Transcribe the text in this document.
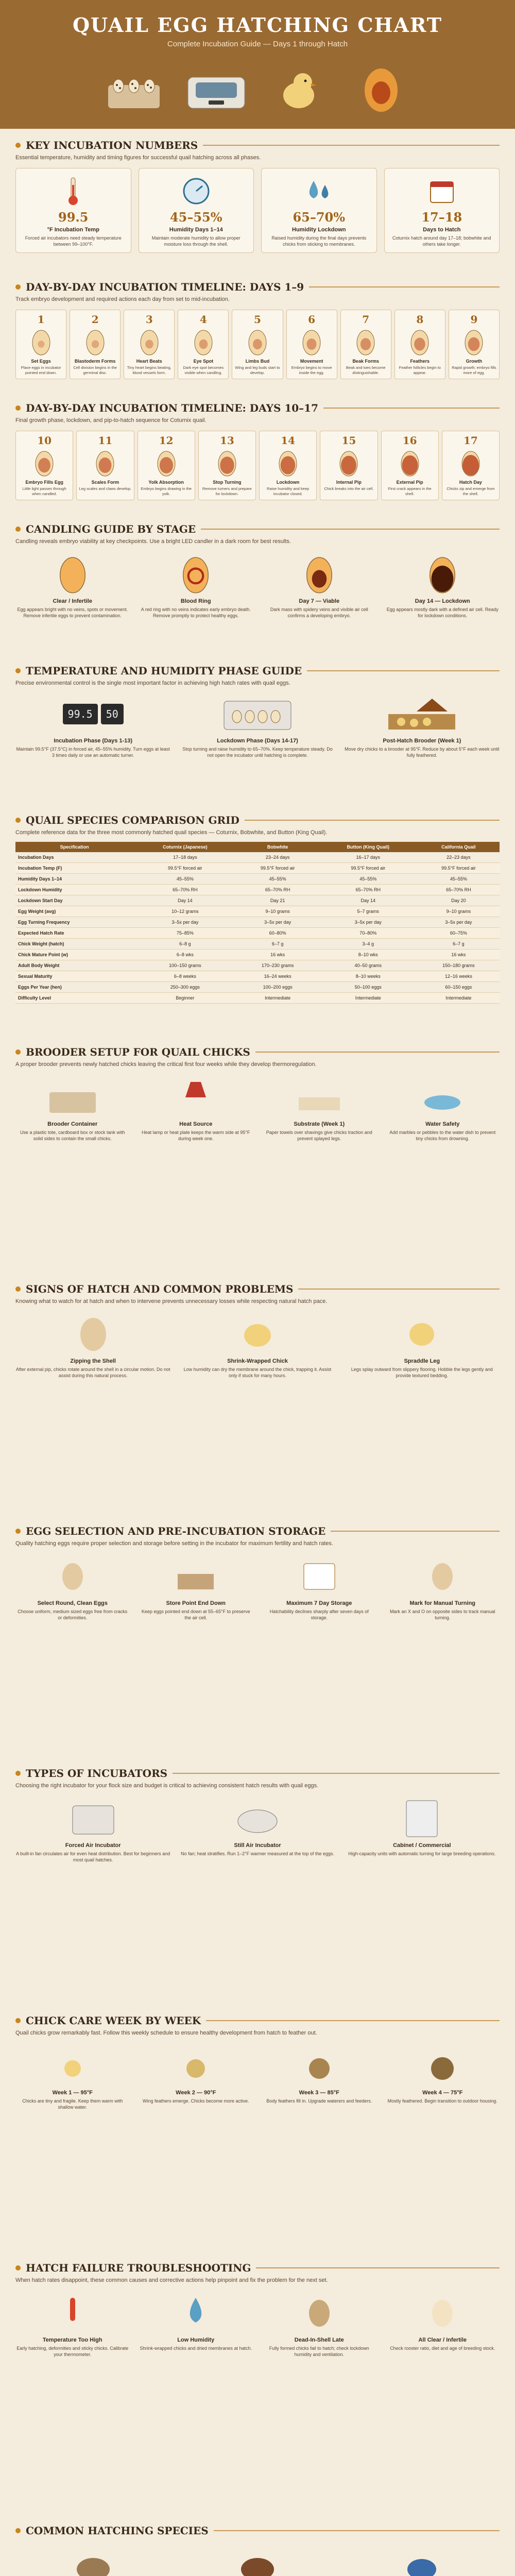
QUAIL EGG HATCHING CHART
Complete Incubation Guide — Days 1 through Hatch
KEY INCUBATION NUMBERS
Essential temperature, humidity and timing figures for successful quail hatching across all phases.
99.5
°F Incubation Temp
Forced air incubators need steady temperature between 99–100°F.
45–55%
Humidity Days 1–14
Maintain moderate humidity to allow proper moisture loss through the shell.
65–70%
Humidity Lockdown
Raised humidity during the final days prevents chicks from sticking to membranes.
17–18
Days to Hatch
Coturnix hatch around day 17–18; bobwhite and others take longer.
DAY-BY-DAY INCUBATION TIMELINE: DAYS 1–9
Track embryo development and required actions each day from set to mid-incubation.
1
Set Eggs
Place eggs in incubator pointed end down.
2
Blastoderm Forms
Cell division begins in the germinal disc.
3
Heart Beats
Tiny heart begins beating, blood vessels form.
4
Eye Spot
Dark eye spot becomes visible when candling.
5
Limbs Bud
Wing and leg buds start to develop.
6
Movement
Embryo begins to move inside the egg.
7
Beak Forms
Beak and toes become distinguishable.
8
Feathers
Feather follicles begin to appear.
9
Growth
Rapid growth; embryo fills more of egg.
DAY-BY-DAY INCUBATION TIMELINE: DAYS 10–17
Final growth phase, lockdown, and pip-to-hatch sequence for Coturnix quail.
10
Embryo Fills Egg
Little light passes through when candled.
11
Scales Form
Leg scales and claws develop.
12
Yolk Absorption
Embryo begins drawing in the yolk.
13
Stop Turning
Remove turners and prepare for lockdown.
14
Lockdown
Raise humidity and keep incubator closed.
15
Internal Pip
Chick breaks into the air cell.
16
External Pip
First crack appears in the shell.
17
Hatch Day
Chicks zip and emerge from the shell.
CANDLING GUIDE BY STAGE
Candling reveals embryo viability at key checkpoints. Use a bright LED candler in a dark room for best results.
Clear / Infertile
Egg appears bright with no veins, spots or movement. Remove infertile eggs to prevent contamination.
Blood Ring
A red ring with no veins indicates early embryo death. Remove promptly to protect healthy eggs.
Day 7 — Viable
Dark mass with spidery veins and visible air cell confirms a developing embryo.
Day 14 — Lockdown
Egg appears mostly dark with a defined air cell. Ready for lockdown conditions.
TEMPERATURE AND HUMIDITY PHASE GUIDE
Precise environmental control is the single most important factor in achieving high hatch rates with quail eggs.
99.5	50
Incubation Phase (Days 1-13)
Maintain 99.5°F (37.5°C) in forced air, 45–55% humidity. Turn eggs at least 3 times daily or use an automatic turner.
Lockdown Phase (Days 14-17)
Stop turning and raise humidity to 65–70%. Keep temperature steady. Do not open the incubator until hatching is complete.
Post-Hatch Brooder (Week 1)
Move dry chicks to a brooder at 95°F. Reduce by about 5°F each week until fully feathered.
QUAIL SPECIES COMPARISON GRID
Complete reference data for the three most commonly hatched quail species — Coturnix, Bobwhite, and Button (King Quail).
Specification	Coturnix (Japanese)	Bobwhite	Button (King Quail)	California Quail
Incubation Days	17–18 days	23–24 days	16–17 days	22–23 days
Incubation Temp (F)	99.5°F forced air	99.5°F forced air	99.5°F forced air	99.5°F forced air
Humidity Days 1–14	45–55%	45–55%	45–55%	45–55%
Lockdown Humidity	65–70% RH	65–70% RH	65–70% RH	65–70% RH
Lockdown Start Day	Day 14	Day 21	Day 14	Day 20
Egg Weight (avg)	10–12 grams	9–10 grams	5–7 grams	9–10 grams
Egg Turning Frequency	3–5x per day	3–5x per day	3–5x per day	3–5x per day
Expected Hatch Rate	75–85%	60–80%	70–80%	60–75%
Chick Weight (hatch)	6–8 g	6–7 g	3–4 g	6–7 g
Chick Mature Point (w)	6–8 wks	16 wks	8–10 wks	16 wks
Adult Body Weight	100–150 grams	170–230 grams	40–50 grams	150–180 grams
Sexual Maturity	6–8 weeks	16–24 weeks	8–10 weeks	12–16 weeks
Eggs Per Year (hen)	250–300 eggs	100–200 eggs	50–100 eggs	60–150 eggs
Difficulty Level	Beginner	Intermediate	Intermediate	Intermediate
BROODER SETUP FOR QUAIL CHICKS
A proper brooder prevents newly hatched chicks leaving the critical first four weeks while they develop thermoregulation.
Brooder Container
Use a plastic tote, cardboard box or stock tank with solid sides to contain the small chicks.
Heat Source
Heat lamp or heat plate keeps the warm side at 95°F during week one.
Substrate (Week 1)
Paper towels over shavings give chicks traction and prevent splayed legs.
Water Safety
Add marbles or pebbles to the water dish to prevent tiny chicks from drowning.
SIGNS OF HATCH AND COMMON PROBLEMS
Knowing what to watch for at hatch and when to intervene prevents unnecessary losses while respecting natural hatch pace.
Zipping the Shell
After external pip, chicks rotate around the shell in a circular motion. Do not assist during this natural process.
Shrink-Wrapped Chick
Low humidity can dry the membrane around the chick, trapping it. Assist only if stuck for many hours.
Spraddle Leg
Legs splay outward from slippery flooring. Hobble the legs gently and provide textured bedding.
EGG SELECTION AND PRE-INCUBATION STORAGE
Quality hatching eggs require proper selection and storage before setting in the incubator for maximum fertility and hatch rates.
Select Round, Clean Eggs
Choose uniform, medium sized eggs free from cracks or deformities.
Store Point End Down
Keep eggs pointed end down at 55–65°F to preserve the air cell.
Maximum 7 Day Storage
Hatchability declines sharply after seven days of storage.
Mark for Manual Turning
Mark an X and O on opposite sides to track manual turning.
TYPES OF INCUBATORS
Choosing the right incubator for your flock size and budget is critical to achieving consistent hatch results with quail eggs.
Forced Air Incubator
A built-in fan circulates air for even heat distribution. Best for beginners and most quail hatches.
Still Air Incubator
No fan; heat stratifies. Run 1–2°F warmer measured at the top of the eggs.
Cabinet / Commercial
High-capacity units with automatic turning for large breeding operations.
CHICK CARE WEEK BY WEEK
Quail chicks grow remarkably fast. Follow this weekly schedule to ensure healthy development from hatch to feather out.
Week 1 — 95°F
Chicks are tiny and fragile. Keep them warm with shallow water.
Week 2 — 90°F
Wing feathers emerge. Chicks become more active.
Week 3 — 85°F
Body feathers fill in. Upgrade waterers and feeders.
Week 4 — 75°F
Mostly feathered. Begin transition to outdoor housing.
HATCH FAILURE TROUBLESHOOTING
When hatch rates disappoint, these common causes and corrective actions help pinpoint and fix the problem for the next set.
Temperature Too High
Early hatching, deformities and sticky chicks. Calibrate your thermometer.
Low Humidity
Shrink-wrapped chicks and dried membranes at hatch.
Dead-In-Shell Late
Fully formed chicks fail to hatch; check lockdown humidity and ventilation.
All Clear / Infertile
Check rooster ratio, diet and age of breeding stock.
COMMON HATCHING SPECIES
